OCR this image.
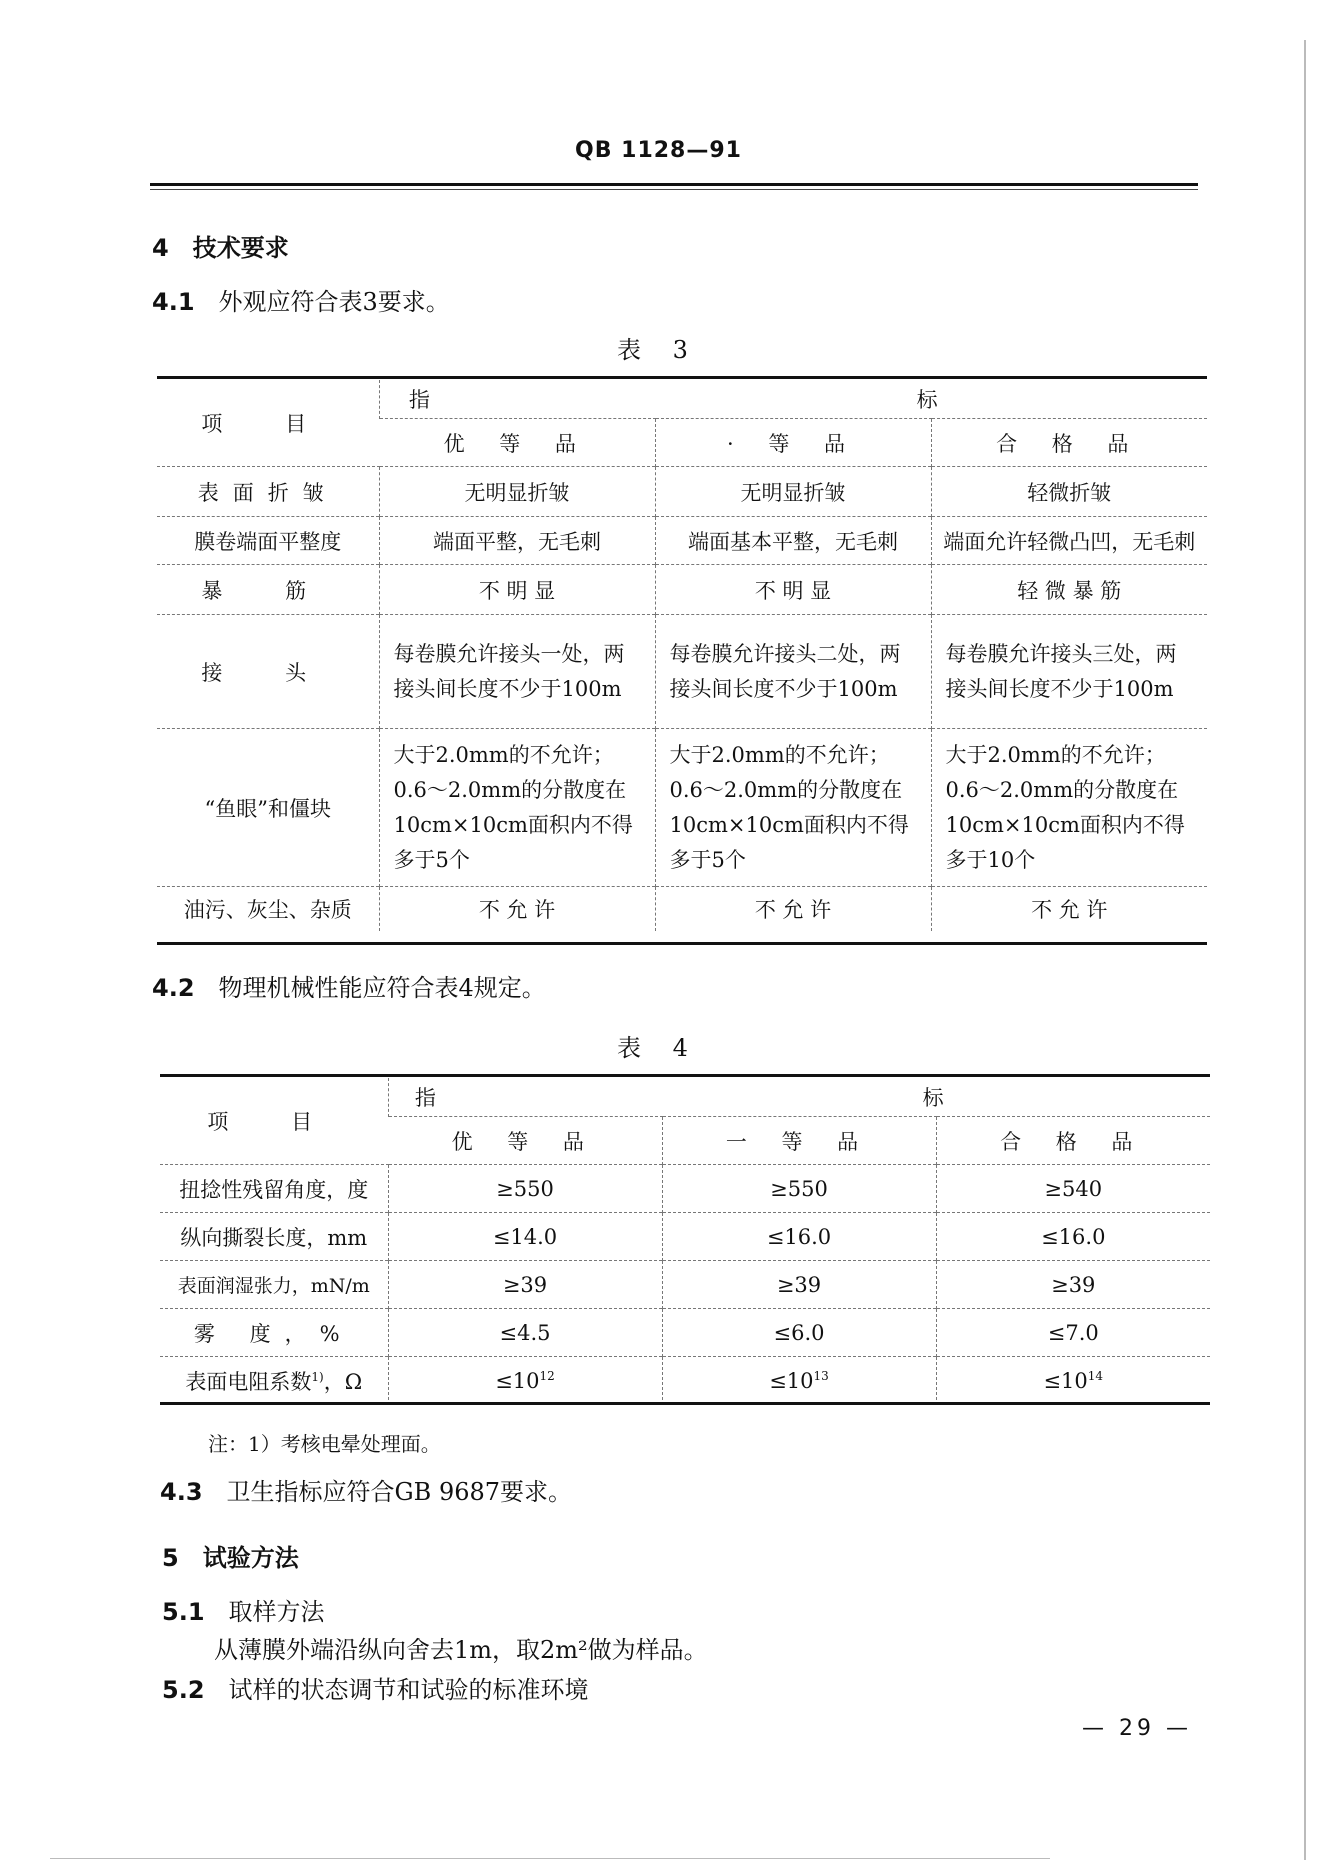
QB 1128—91
4 技术要求
4.1 外观应符合表3要求。
表 3
项 目	指 标		
	优 等 品	· 等 品	合 格 品
表面折皱	无明显折皱	无明显折皱	轻微折皱
膜卷端面平整度	端面平整，无毛刺	端面基本平整，无毛刺	端面允许轻微凸凹，无毛刺
暴 筋	不 明 显	不 明 显	轻 微 暴 筋
接 头	每卷膜允许接头一处，两接头间长度不少于100m	每卷膜允许接头二处，两接头间长度不少于100m	每卷膜允许接头三处，两接头间长度不少于100m
“鱼眼”和僵块	大于2.0mm的不允许；0.6～2.0mm的分散度在10cm×10cm面积内不得多于5个	大于2.0mm的不允许；0.6～2.0mm的分散度在10cm×10cm面积内不得多于5个	大于2.0mm的不允许；0.6～2.0mm的分散度在10cm×10cm面积内不得多于10个
油污、灰尘、杂质	不 允 许	不 允 许	不 允 许
4.2 物理机械性能应符合表4规定。
表 4
项 目	指 标		
	优 等 品	一 等 品	合 格 品
扭捻性残留角度，度	≥550	≥550	≥540
纵向撕裂长度，mm	≤14.0	≤16.0	≤16.0
表面润湿张力，mN/m	≥39	≥39	≥39
雾 度，%	≤4.5	≤6.0	≤7.0
表面电阻系数$^{1)}$，Ω	$\le 10^{12}$	$\le 10^{13}$	$\le 10^{14}$
注：1）考核电晕处理面。
4.3 卫生指标应符合GB 9687要求。
5 试验方法
5.1 取样方法
从薄膜外端沿纵向舍去1m，取2m²做为样品。
5.2 试样的状态调节和试验的标准环境
— 29 —
